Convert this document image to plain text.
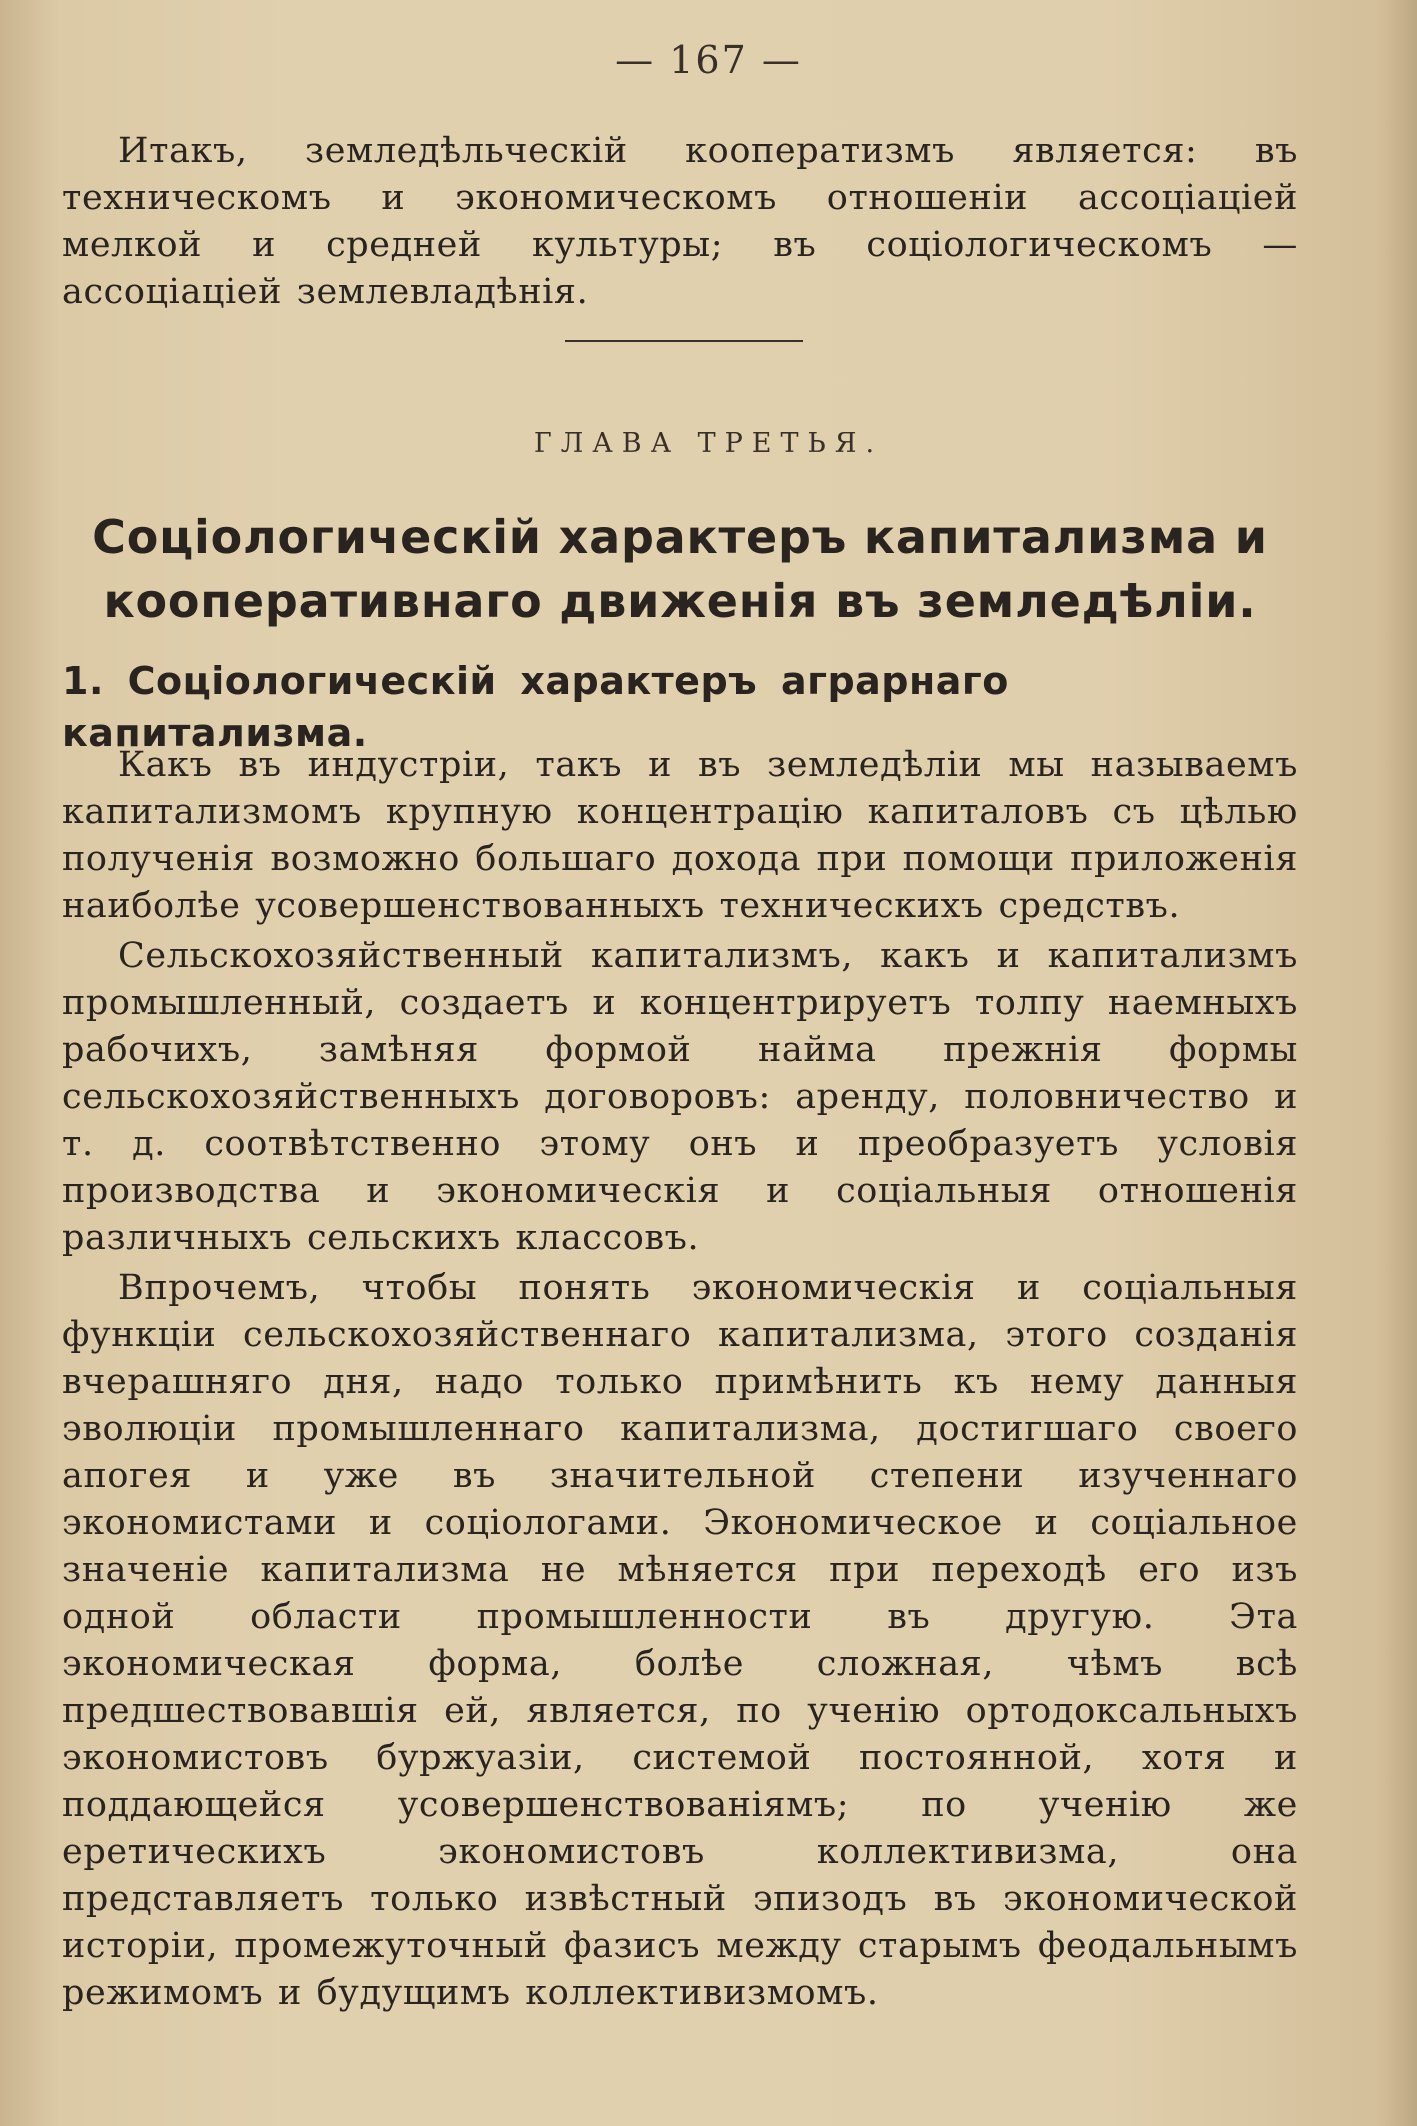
— 167 —

Итакъ, земледѣльческій кооператизмъ является: въ техническомъ и экономическомъ отношеніи ассоціаціей мелкой и средней культуры; въ соціологическомъ — ассоціаціей землевладѣнія.

ГЛАВА ТРЕТЬЯ.
Соціологическій характеръ капитализма и кооперативнаго движенія въ земледѣліи.
1. Соціологическій характеръ аграрнаго капитализма.

Какъ въ индустріи, такъ и въ земледѣліи мы называемъ капитализмомъ крупную концентрацію капиталовъ съ цѣлью полученія возможно большаго дохода при помощи приложенія наиболѣе усовершенствованныхъ техническихъ средствъ.

Сельскохозяйственный капитализмъ, какъ и капитализмъ промышленный, создаетъ и концентрируетъ толпу наемныхъ рабочихъ, замѣняя формой найма прежнія формы сельскохозяйственныхъ договоровъ: аренду, половничество и т. д. соотвѣтственно этому онъ и преобразуетъ условія производства и экономическія и соціальныя отношенія различныхъ сельскихъ классовъ.

Впрочемъ, чтобы понять экономическія и соціальныя функціи сельскохозяйственнаго капитализма, этого созданія вчерашняго дня, надо только примѣнить къ нему данныя эволюціи промышленнаго капитализма, достигшаго своего апогея и уже въ значительной степени изученнаго экономистами и соціологами. Экономическое и соціальное значеніе капитализма не мѣняется при переходѣ его изъ одной области промышленности въ другую. Эта экономическая форма, болѣе сложная, чѣмъ всѣ предшествовавшія ей, является, по ученію ортодоксальныхъ экономистовъ буржуазіи, системой постоянной, хотя и поддающейся усовершенствованіямъ; по ученію же еретическихъ экономистовъ коллективизма, она представляетъ только извѣстный эпизодъ въ экономической исторіи, промежуточный фазисъ между старымъ феодальнымъ режимомъ и будущимъ коллективизмомъ.
